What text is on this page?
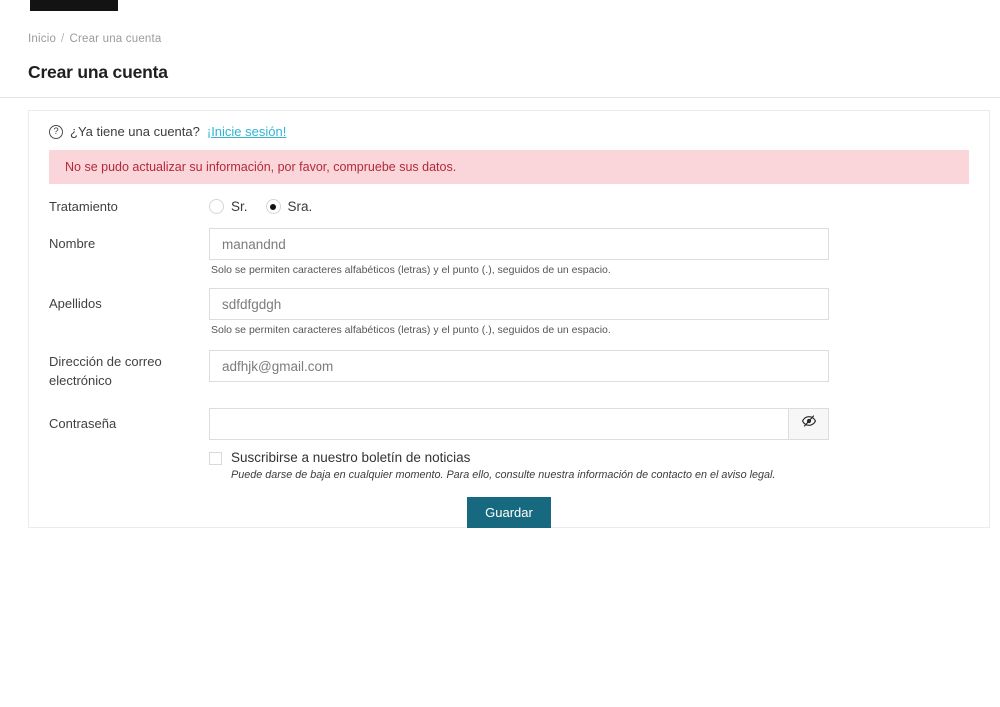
Inicio / Crear una cuenta
Crear una cuenta
? ¿Ya tiene una cuenta? ¡Inicie sesión!
No se pudo actualizar su información, por favor, compruebe sus datos.
Tratamiento	Sr.	Sra.
Nombre
manandnd

Solo se permiten caracteres alfabéticos (letras) y el punto (.), seguidos de un espacio.

Apellidos
sdfdfgdgh

Solo se permiten caracteres alfabéticos (letras) y el punto (.), seguidos de un espacio.

Dirección de correo electrónico
adfhjk@gmail.com
Contraseña
Suscribirse a nuestro boletín de noticias

Puede darse de baja en cualquier momento. Para ello, consulte nuestra información de contacto en el aviso legal.

Guardar
